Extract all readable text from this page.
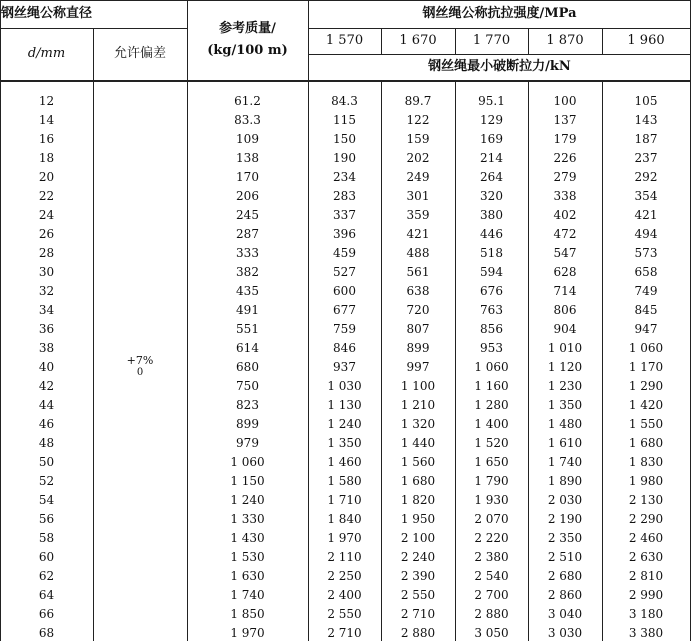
钢丝绳公称直径
d/mm	允许偏差
参考质量/
(kg/100 m)
钢丝绳公称抗拉强度/MPa
1 570	1 670	1 770	1 870	1 960
钢丝绳最小破断拉力/kN
+7%
0
12	61.2	84.3	89.7	95.1	100	105
14	83.3	115	122	129	137	143
16	109	150	159	169	179	187
18	138	190	202	214	226	237
20	170	234	249	264	279	292
22	206	283	301	320	338	354
24	245	337	359	380	402	421
26	287	396	421	446	472	494
28	333	459	488	518	547	573
30	382	527	561	594	628	658
32	435	600	638	676	714	749
34	491	677	720	763	806	845
36	551	759	807	856	904	947
38	614	846	899	953	1 010	1 060
40	680	937	997	1 060	1 120	1 170
42	750	1 030	1 100	1 160	1 230	1 290
44	823	1 130	1 210	1 280	1 350	1 420
46	899	1 240	1 320	1 400	1 480	1 550
48	979	1 350	1 440	1 520	1 610	1 680
50	1 060	1 460	1 560	1 650	1 740	1 830
52	1 150	1 580	1 680	1 790	1 890	1 980
54	1 240	1 710	1 820	1 930	2 030	2 130
56	1 330	1 840	1 950	2 070	2 190	2 290
58	1 430	1 970	2 100	2 220	2 350	2 460
60	1 530	2 110	2 240	2 380	2 510	2 630
62	1 630	2 250	2 390	2 540	2 680	2 810
64	1 740	2 400	2 550	2 700	2 860	2 990
66	1 850	2 550	2 710	2 880	3 040	3 180
68	1 970	2 710	2 880	3 050	3 030	3 380
